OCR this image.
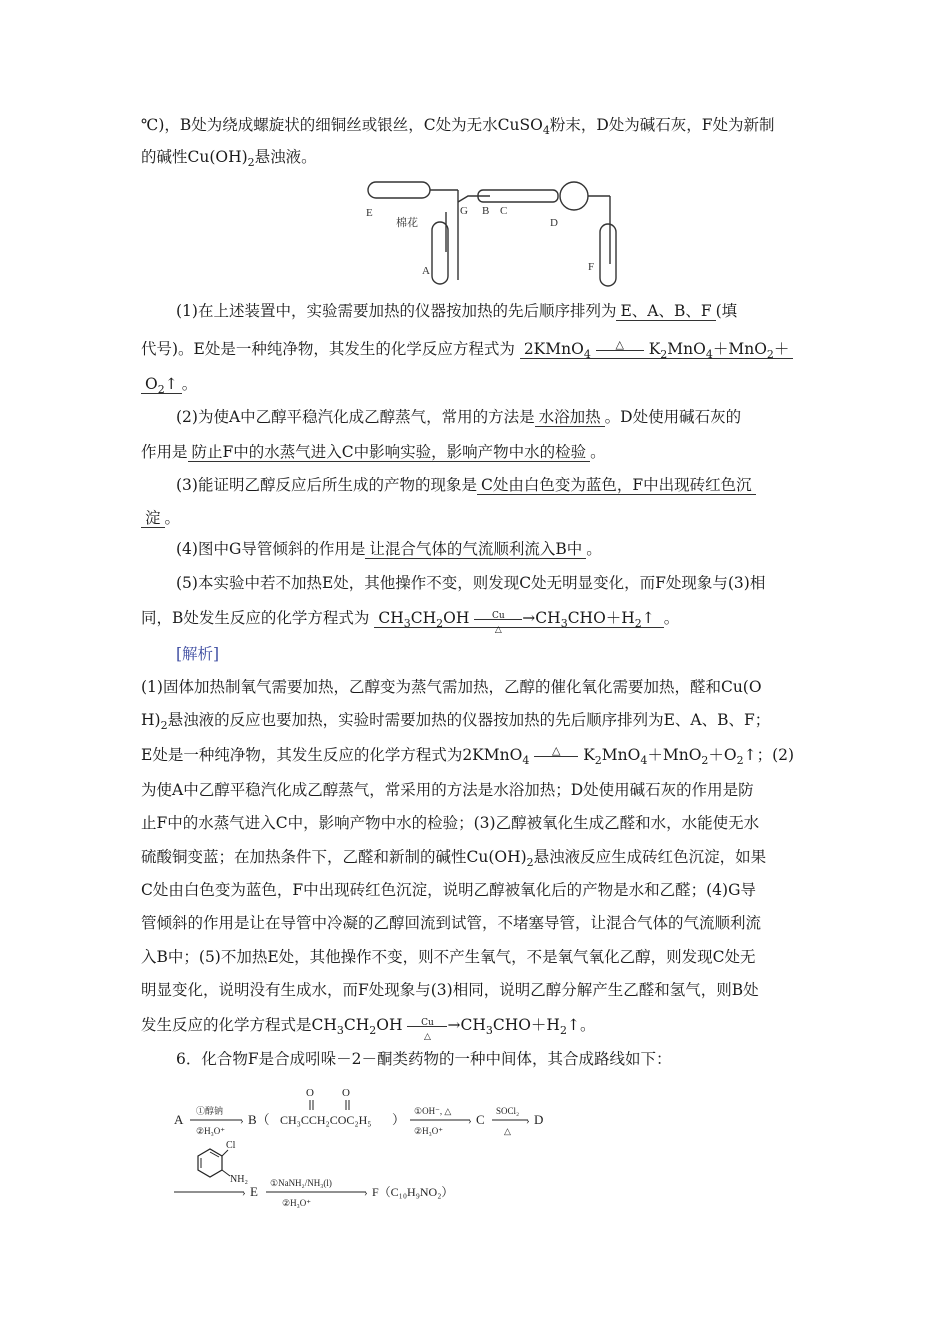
℃)，B处为绕成螺旋状的细铜丝或银丝，C处为无水CuSO$_4$粉末，D处为碱石灰，F处为新制
的碱性$Cu(OH)_2$悬浊液。
E
棉花
G B C
D
A	F
(1)在上述装置中，实验需要加热的仪器按加热的先后顺序排列为 E、A、B、F (填
代号)。E处是一种纯净物，其发生的化学反应方程式为 2KMnO$_4$
△	$K_2MnO_4+MnO_2+$
$O_2↑$ 。
(2)为使A中乙醇平稳汽化成乙醇蒸气，常用的方法是 水浴加热 。D处使用碱石灰的
作用是 防止F中的水蒸气进入C中影响实验，影响产物中水的检验 。
(3)能证明乙醇反应后所生成的产物的现象是 C处由白色变为蓝色，F中出现砖红色沉
淀 。
(4)图中G导管倾斜的作用是 让混合气体的气流顺利流入B中 。
(5)本实验中若不加热E处，其他操作不变，则发现C处无明显变化，而F处现象与(3)相
同，B处发生反应的化学方程式为 $CH_3CH_2OH$	Cu
△
$\to CH_3CHO+H_2↑$ 。
[解析]
(1)固体加热制氧气需要加热，乙醇变为蒸气需加热，乙醇的催化氧化需要加热，醛和Cu(O
$H)_2$悬浊液的反应也要加热，实验时需要加热的仪器按加热的先后顺序排列为E、A、B、F；
E处是一种纯净物，其发生反应的化学方程式为2KMnO$_4$
△	$K_2MnO_4+MnO_2+O_2↑$；(2)
为使A中乙醇平稳汽化成乙醇蒸气，常采用的方法是水浴加热；D处使用碱石灰的作用是防
止F中的水蒸气进入C中，影响产物中水的检验；(3)乙醇被氧化生成乙醛和水，水能使无水
硫酸铜变蓝；在加热条件下，乙醛和新制的碱性$Cu(OH)_2$悬浊液反应生成砖红色沉淀，如果
C处由白色变为蓝色，F中出现砖红色沉淀，说明乙醇被氧化后的产物是水和乙醛；(4)G导
管倾斜的作用是让在导管中冷凝的乙醇回流到试管，不堵塞导管，让混合气体的气流顺利流
入B中；(5)不加热E处，其他操作不变，则不产生氧气，不是氧气氧化乙醇，则发现C处无
明显变化，说明没有生成水，而F处现象与(3)相同，说明乙醇分解产生乙醛和氢气，则B处
发生反应的化学方程式是$CH_3CH_2OH$	Cu
△
$\to CH_3CHO+H_2↑$。
6．化合物F是合成吲哚－2－酮类药物的一种中间体，其合成路线如下：
A	›
①醇钠
②H₃O⁺
B（
O	O
CH₃CCH₂COC₂H₅ ）	›
①OH⁻, △
②H₃O⁺
C	›
SOCl₂
△
D
Cl
NH₂
› E	›
①NaNH₂/NH₃(l)
②H₃O⁺
F（C₁₀H₉NO₂）
